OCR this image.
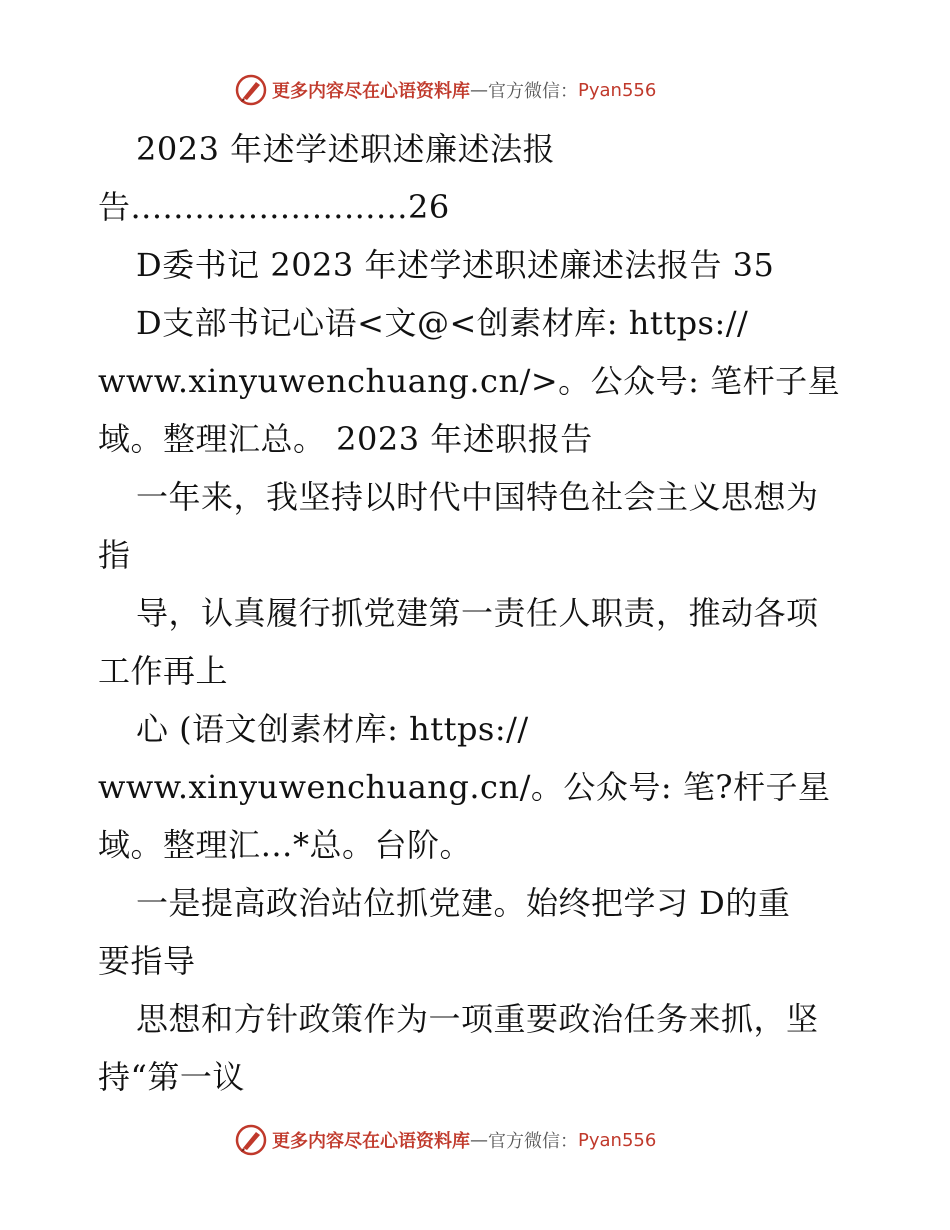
更多内容尽在心语资料库 — 官方微信： Pyan556
2023 年述学述职述廉述法报
告..........................26
D委书记 2023 年述学述职述廉述法报告 35
D支部书记心语<文@<创素材库: https://
www.xinyuwenchuang.cn/>。公众号: 笔杆子星
域。整理汇总。 2023 年述职报告
一年来，我坚持以时代中国特色社会主义思想为
指
导，认真履行抓党建第一责任人职责，推动各项
工作再上
心 (语文创素材库: https://
www.xinyuwenchuang.cn/。公众号: 笔?杆子星
域。整理汇…*总。台阶。
一是提高政治站位抓党建。始终把学习 D的重
要指导
思想和方针政策作为一项重要政治任务来抓，坚
持“第一议
更多内容尽在心语资料库 — 官方微信： Pyan556
